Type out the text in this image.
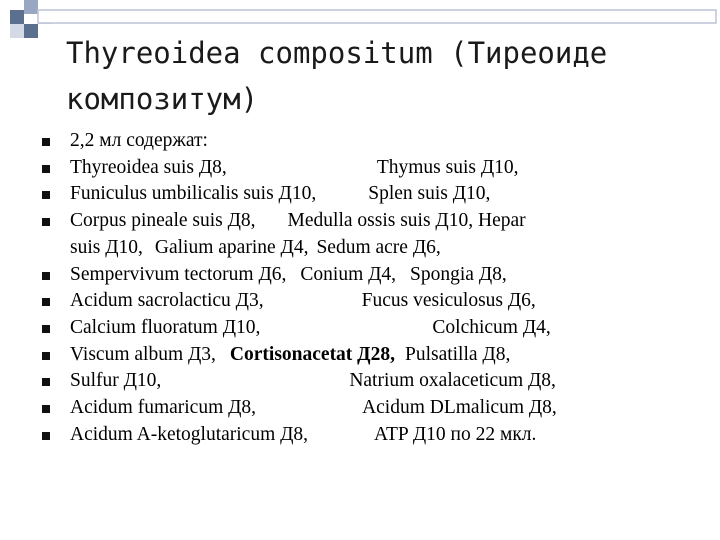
Thyreoidea compositum (Тиреоиде
композитум)
2,2 мл содержат:
Thyreoidea suis Д8,	Thymus suis Д10,
Funiculus umbilicalis suis Д10,	Splen suis Д10,
Corpus pineale suis Д8, Medulla ossis suis Д10, Hepar
suis Д10, Galium aparine Д4, Sedum acre Д6,
Sempervivum tectorum Д6, Conium Д4, Spongia Д8,
Acidum sacrolacticu Д3,	Fucus vesiculosus Д6,
Calcium fluoratum Д10,	Colchicum Д4,
Viscum album Д3, Cortisonacetat Д28, Pulsatilla Д8,
Sulfur Д10,	Natrium oxalaceticum Д8,
Acidum fumaricum Д8,	Acidum DLmalicum Д8,
Acidum A-ketoglutaricum Д8,	ATP Д10 по 22 мкл.
